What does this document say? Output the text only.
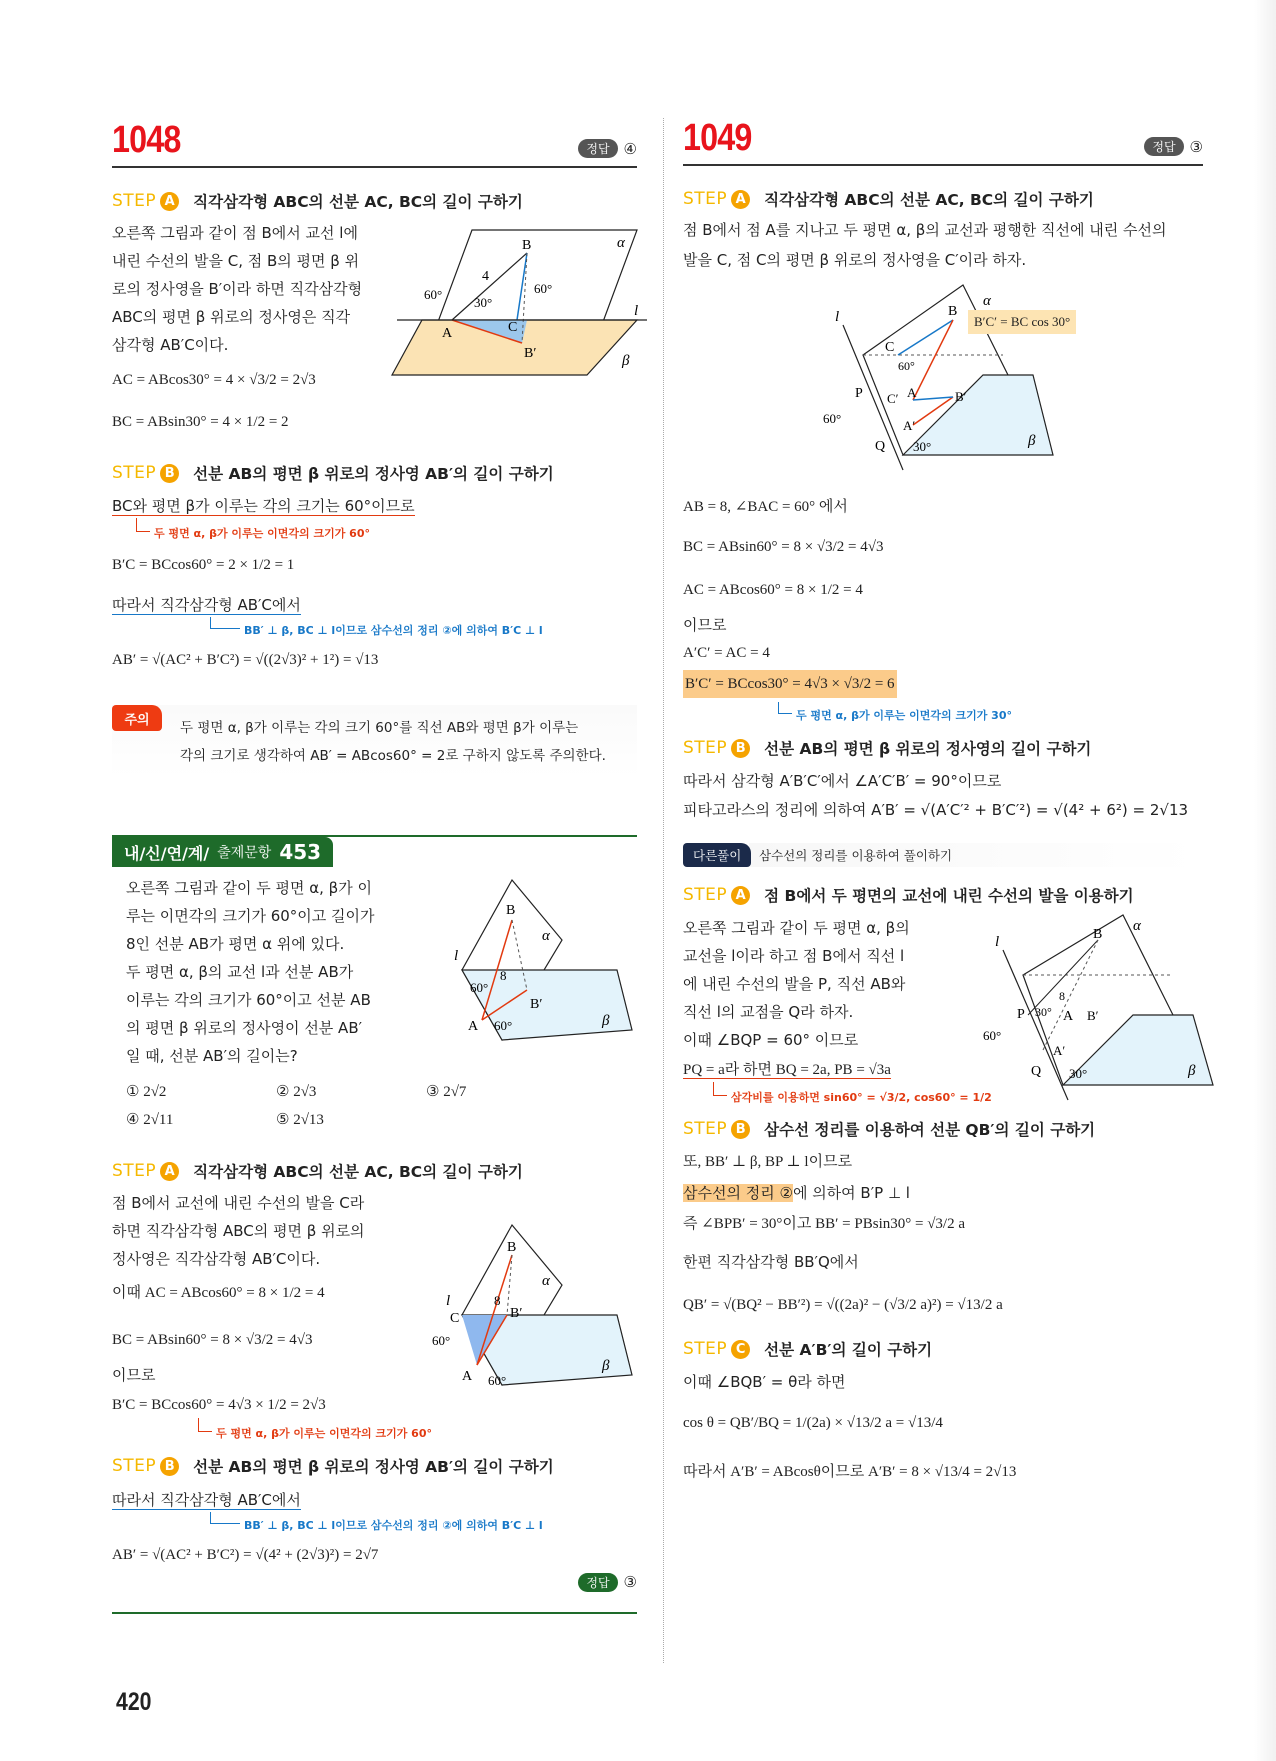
1048	정답 ④
STEP A 직각삼각형 ABC의 선분 AC, BC의 길이 구하기
오른쪽 그림과 같이 점 B에서 교선 l에
내린 수선의 발을 C, 점 B의 평면 β 위
로의 정사영을 B′이라 하면 직각삼각형
ABC의 평면 β 위로의 정사영은 직각
삼각형 AB′C이다.
α
β
l
B
A	C
B′
4
60°
30°
60°
AC = ABcos30° = 4 × √3/2 = 2√3
BC = ABsin30° = 4 × 1/2 = 2
STEP B 선분 AB의 평면 β 위로의 정사영 AB′의 길이 구하기
BC와 평면 β가 이루는 각의 크기는 60°이므로
두 평면 α, β가 이루는 이면각의 크기가 60°
B′C = BCcos60° = 2 × 1/2 = 1
따라서 직각삼각형 AB′C에서
BB′ ⊥ β, BC ⊥ l이므로 삼수선의 정리 ②에 의하여 B′C ⊥ l
AB′ = √(AC² + B′C²) = √((2√3)² + 1²) = √13
주의	두 평면 α, β가 이루는 각의 크기 60°를 직선 AB와 평면 β가 이루는
각의 크기로 생각하여 AB′ = ABcos60° = 2로 구하지 않도록 주의한다.
내/신/연/계/ 출제문항 453
오른쪽 그림과 같이 두 평면 α, β가 이
루는 이면각의 크기가 60°이고 길이가
8인 선분 AB가 평면 α 위에 있다.
두 평면 α, β의 교선 l과 선분 AB가
이루는 각의 크기가 60°이고 선분 AB
의 평면 β 위로의 정사영이 선분 AB′
일 때, 선분 AB′의 길이는?
B
α
β
l
A
B′
8
60°
60°
① 2√2	② 2√3	③ 2√7
④ 2√11	⑤ 2√13
STEP A 직각삼각형 ABC의 선분 AC, BC의 길이 구하기
점 B에서 교선에 내린 수선의 발을 C라
하면 직각삼각형 ABC의 평면 β 위로의
정사영은 직각삼각형 AB′C이다.
B
α
β
l
C
A
B′
8
60°
60°
이때 AC = ABcos60° = 8 × 1/2 = 4
BC = ABsin60° = 8 × √3/2 = 4√3
이므로
B′C = BCcos60° = 4√3 × 1/2 = 2√3
두 평면 α, β가 이루는 이면각의 크기가 60°
STEP B 선분 AB의 평면 β 위로의 정사영 AB′의 길이 구하기
따라서 직각삼각형 AB′C에서
BB′ ⊥ β, BC ⊥ l이므로 삼수선의 정리 ②에 의하여 B′C ⊥ l
AB′ = √(AC² + B′C²) = √(4² + (2√3)²) = 2√7
정답 ③
1049	정답 ③
STEP A 직각삼각형 ABC의 선분 AC, BC의 길이 구하기
점 B에서 점 A를 지나고 두 평면 α, β의 교선과 평행한 직선에 내린 수선의
발을 C, 점 C의 평면 β 위로의 정사영을 C′이라 하자.
B
α
β
l
C
P C′ A	B′
A′
Q
60°
60°
30°
B′C′ = BC cos 30°
AB = 8, ∠BAC = 60° 에서
BC = ABsin60° = 8 × √3/2 = 4√3
AC = ABcos60° = 8 × 1/2 = 4
이므로
A′C′ = AC = 4
B′C′ = BCcos30° = 4√3 × √3/2 = 6
두 평면 α, β가 이루는 이면각의 크기가 30°
STEP B 선분 AB의 평면 β 위로의 정사영의 길이 구하기
따라서 삼각형 A′B′C′에서 ∠A′C′B′ = 90°이므로
피타고라스의 정리에 의하여 A′B′ = √(A′C′² + B′C′²) = √(4² + 6²) = 2√13
삼수선의 정리를 이용하여 풀이하기
다른풀이
STEP A 점 B에서 두 평면의 교선에 내린 수선의 발을 이용하기
오른쪽 그림과 같이 두 평면 α, β의
교선을 l이라 하고 점 B에서 직선 l
에 내린 수선의 발을 P, 직선 AB와
직선 l의 교점을 Q라 하자.
이때 ∠BQP = 60° 이므로
PQ = a라 하면 BQ = 2a, PB = √3a
삼각비를 이용하면 sin60° = √3/2, cos60° = 1/2
B
α
β
l
P	A B′
A′
Q
8
30°
60°
30°
STEP B 삼수선 정리를 이용하여 선분 QB′의 길이 구하기
또, BB′ ⊥ β, BP ⊥ l이므로
삼수선의 정리 ②에 의하여 B′P ⊥ l
즉 ∠BPB′ = 30°이고 BB′ = PBsin30° = √3/2 a
한편 직각삼각형 BB′Q에서
QB′ = √(BQ² − BB′²) = √((2a)² − (√3/2 a)²) = √13/2 a
STEP C	선분 A′B′의 길이 구하기
이때 ∠BQB′ = θ라 하면
cos θ = QB′/BQ = 1/(2a) × √13/2 a = √13/4
따라서 A′B′ = ABcosθ이므로 A′B′ = 8 × √13/4 = 2√13
420
